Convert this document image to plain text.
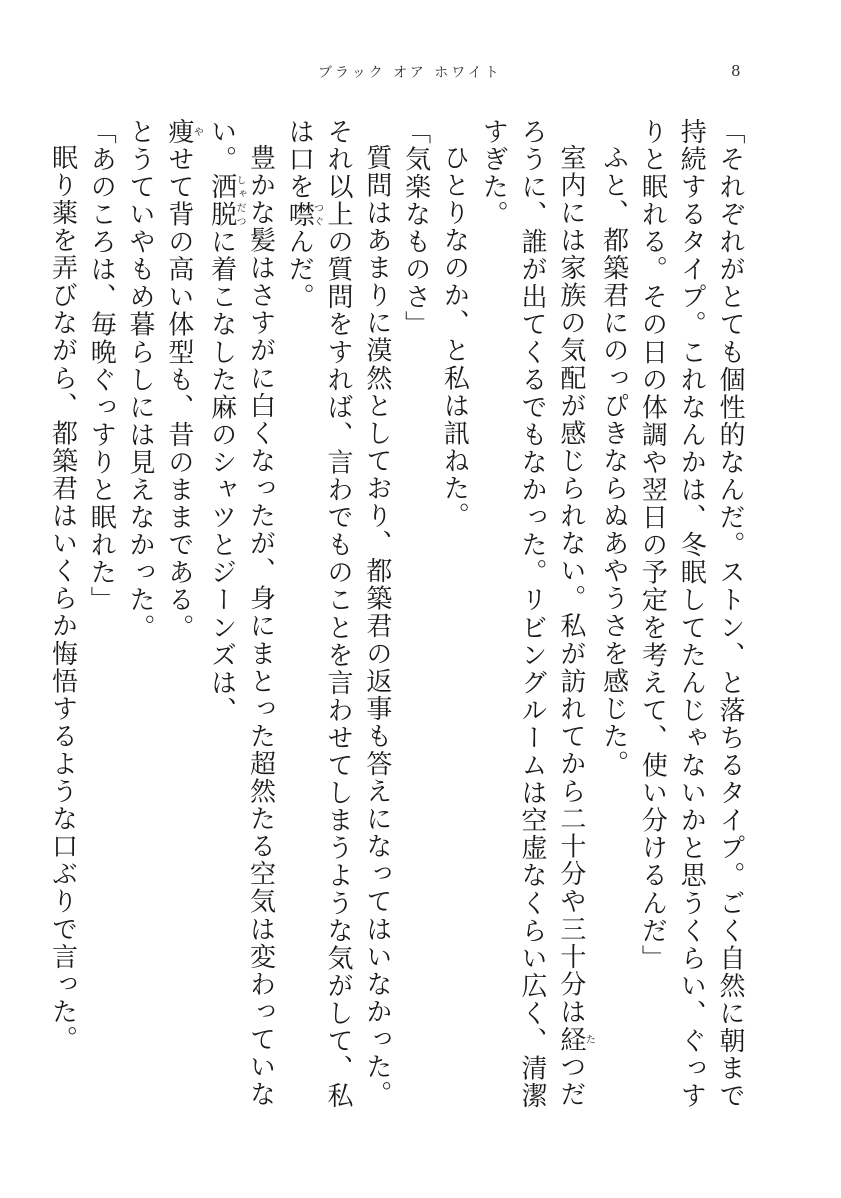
ブラック オア ホワイト	8

「それぞれがとても個性的なんだ。ストン、と落ちるタイプ。ごく自然に朝まで持続するタイプ。これなんかは、冬眠してたんじゃないかと思うくらい、ぐっすりと眠れる。その日の体調や翌日の予定を考えて、使い分けるんだ」

ふと、都築君にのっぴきならぬあやうさを感じた。

室内には家族の気配が感じられない。私が訪れてから二十分や三十分は経たつだろうに、誰が出てくるでもなかった。リビングルームは空虚なくらい広く、清潔すぎた。

ひとりなのか、と私は訊ねた。

「気楽なものさ」

質問はあまりに漠然としており、都築君の返事も答えになってはいなかった。それ以上の質問をすれば、言わでものことを言わせてしまうような気がして、私は口を噤つぐんだ。

豊かな髪はさすがに白くなったが、身にまとった超然たる空気は変わっていない。洒脱しゃだつに着こなした麻のシャツとジーンズは、

痩やせて背の高い体型も、昔のままである。

とうていやもめ暮らしには見えなかった。

「あのころは、毎晩ぐっすりと眠れた」

眠り薬を弄びながら、都築君はいくらか悔悟するような口ぶりで言った。
